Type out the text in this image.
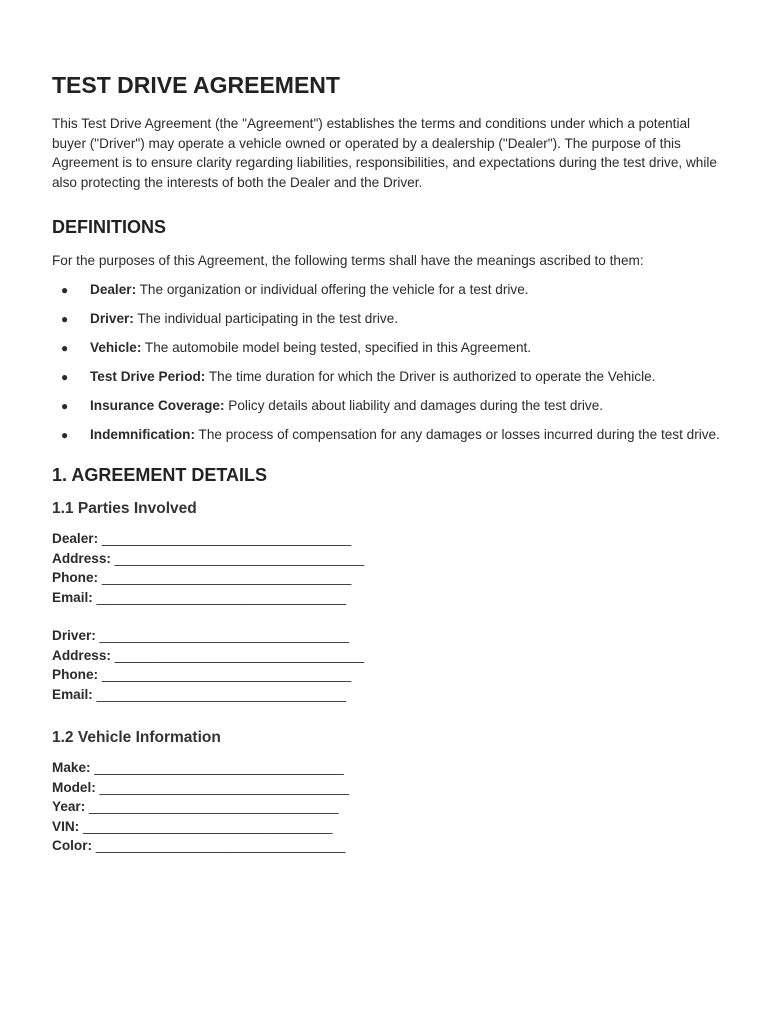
TEST DRIVE AGREEMENT

This Test Drive Agreement (the "Agreement") establishes the terms and conditions under which a potential buyer ("Driver") may operate a vehicle owned or operated by a dealership ("Dealer"). The purpose of this Agreement is to ensure clarity regarding liabilities, responsibilities, and expectations during the test drive, while also protecting the interests of both the Dealer and the Driver.

DEFINITIONS

For the purposes of this Agreement, the following terms shall have the meanings ascribed to them:

● Dealer: The organization or individual offering the vehicle for a test drive.
● Driver: The individual participating in the test drive.
● Vehicle: The automobile model being tested, specified in this Agreement.
● Test Drive Period: The time duration for which the Driver is authorized to operate the Vehicle.
● Insurance Coverage: Policy details about liability and damages during the test drive.
● Indemnification: The process of compensation for any damages or losses incurred during the test drive.
1. AGREEMENT DETAILS
1.1 Parties Involved
Dealer: _________________________________
Address: _________________________________
Phone: _________________________________
Email: _________________________________
Driver: _________________________________
Address: _________________________________
Phone: _________________________________
Email: _________________________________
1.2 Vehicle Information
Make: _________________________________
Model: _________________________________
Year: _________________________________
VIN: _________________________________
Color: _________________________________
